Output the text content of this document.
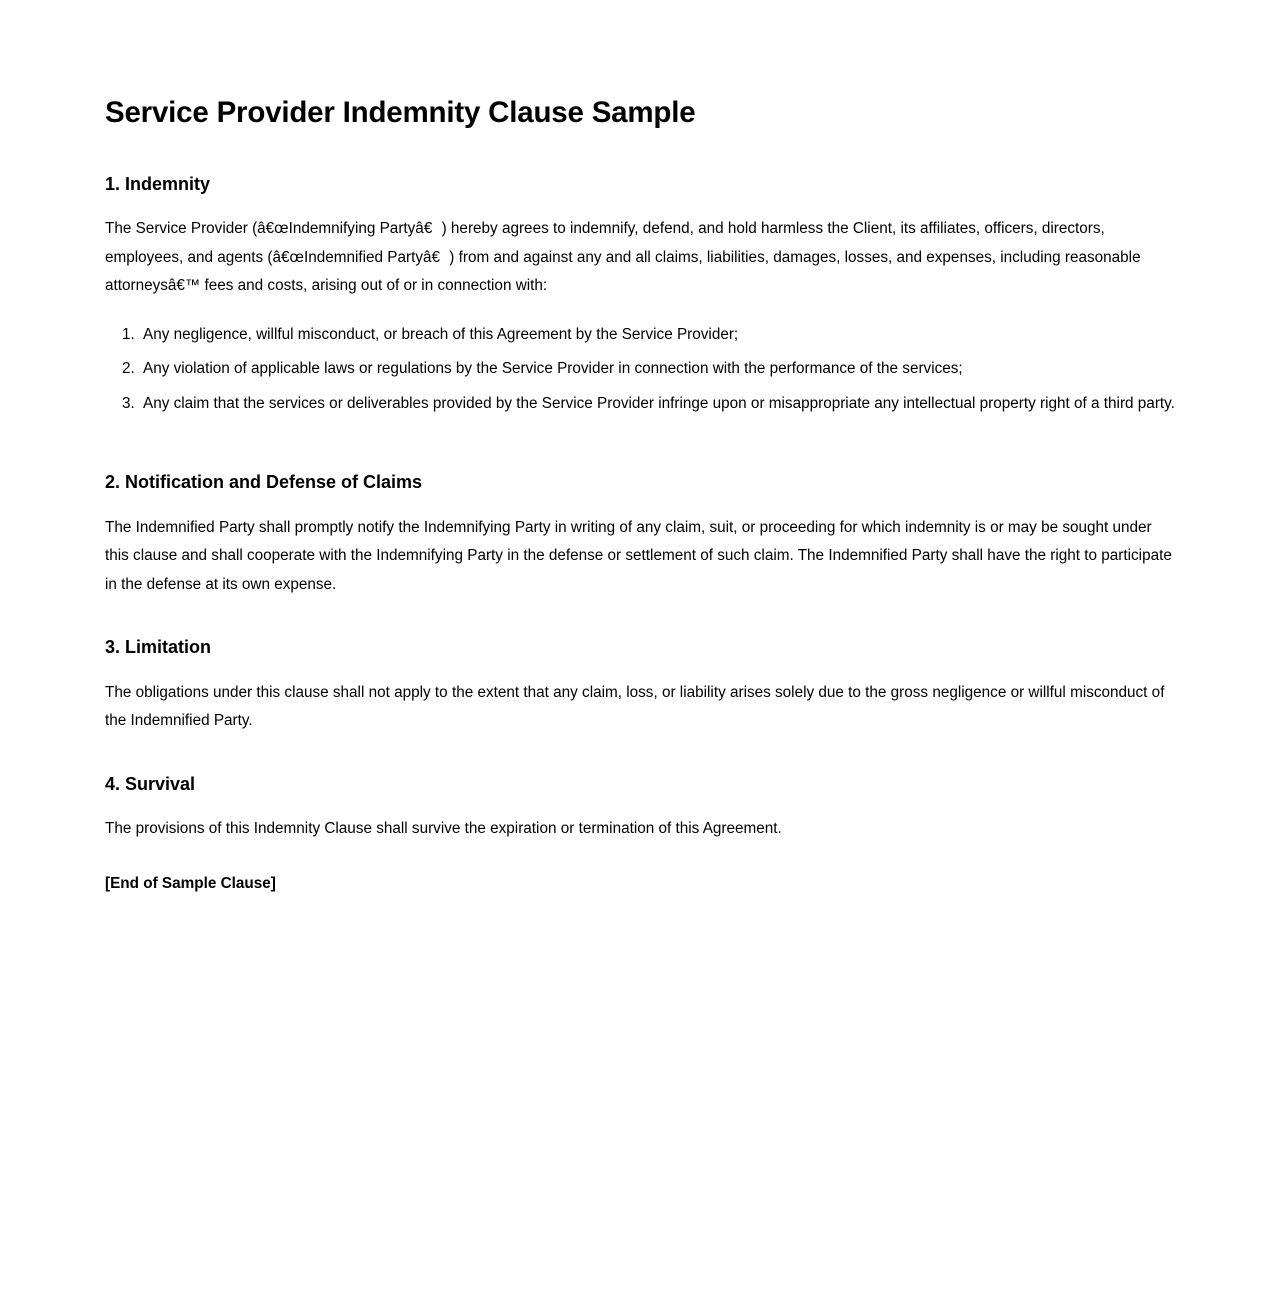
Service Provider Indemnity Clause Sample
1. Indemnity

The Service Provider (â€œIndemnifying Partyâ€) hereby agrees to indemnify, defend, and hold harmless the Client, its affiliates, officers, directors, employees, and agents (â€œIndemnified Partyâ€) from and against any and all claims, liabilities, damages, losses, and expenses, including reasonable attorneysâ€™ fees and costs, arising out of or in connection with:

1. Any negligence, willful misconduct, or breach of this Agreement by the Service Provider;
2. Any violation of applicable laws or regulations by the Service Provider in connection with the performance of the services;
3. Any claim that the services or deliverables provided by the Service Provider infringe upon or misappropriate any intellectual property right of a third party.
2. Notification and Defense of Claims

The Indemnified Party shall promptly notify the Indemnifying Party in writing of any claim, suit, or proceeding for which indemnity is or may be sought under this clause and shall cooperate with the Indemnifying Party in the defense or settlement of such claim. The Indemnified Party shall have the right to participate in the defense at its own expense.

3. Limitation

The obligations under this clause shall not apply to the extent that any claim, loss, or liability arises solely due to the gross negligence or willful misconduct of the Indemnified Party.

4. Survival

The provisions of this Indemnity Clause shall survive the expiration or termination of this Agreement.

[End of Sample Clause]
